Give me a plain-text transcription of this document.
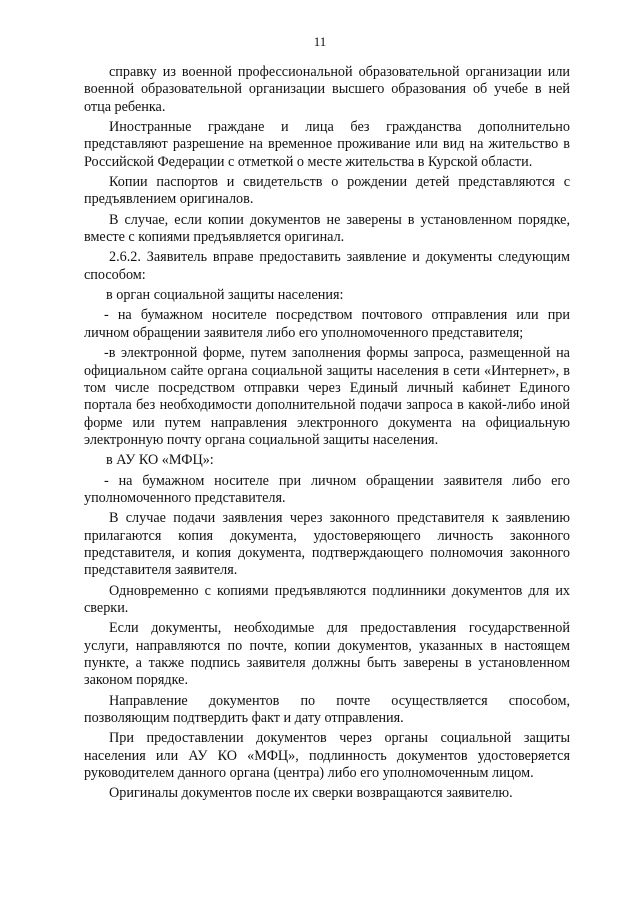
11

справку из военной профессиональной образовательной организации или военной образовательной организации высшего образования об учебе в ней отца ребенка.

Иностранные граждане и лица без гражданства дополнительно представляют разрешение на временное проживание или вид на жительство в Российской Федерации с отметкой о месте жительства в Курской области.

Копии паспортов и свидетельств о рождении детей представляются с предъявлением оригиналов.

В случае, если копии документов не заверены в установленном порядке, вместе с копиями предъявляется оригинал.

2.6.2. Заявитель вправе предоставить заявление и документы следующим способом:

в орган социальной защиты населения:

- на бумажном носителе посредством почтового отправления или при личном обращении заявителя либо его уполномоченного представителя;

-в электронной форме, путем заполнения формы запроса, размещенной на официальном сайте органа социальной защиты населения в сети «Интернет», в том числе посредством отправки через Единый личный кабинет Единого портала без необходимости дополнительной подачи запроса в какой-либо иной форме или путем направления электронного документа на официальную электронную почту органа социальной защиты населения.

в АУ КО «МФЦ»:

- на бумажном носителе при личном обращении заявителя либо его уполномоченного представителя.

В случае подачи заявления через законного представителя к заявлению прилагаются копия документа, удостоверяющего личность законного представителя, и копия документа, подтверждающего полномочия законного представителя заявителя.

Одновременно с копиями предъявляются подлинники документов для их сверки.

Если документы, необходимые для предоставления государственной услуги, направляются по почте, копии документов, указанных в настоящем пункте, а также подпись заявителя должны быть заверены в установленном законом порядке.

Направление документов по почте осуществляется способом, позволяющим подтвердить факт и дату отправления.

При предоставлении документов через органы социальной защиты населения или АУ КО «МФЦ», подлинность документов удостоверяется руководителем данного органа (центра) либо его уполномоченным лицом.

Оригиналы документов после их сверки возвращаются заявителю.
